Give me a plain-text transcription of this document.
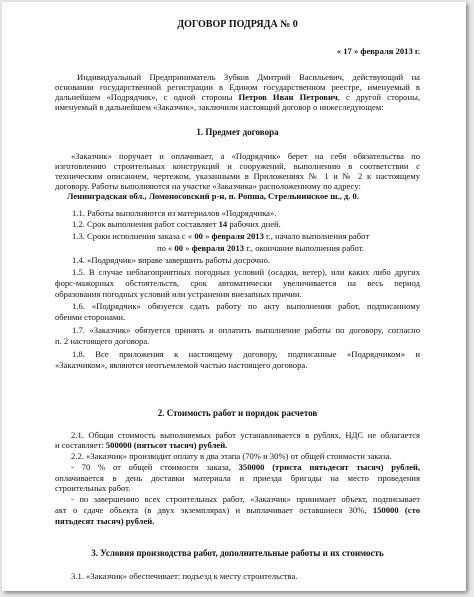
ДОГОВОР ПОДРЯДА № 0
« 17 » февраля 2013 г.
Индивидуальный Предприниматель Зубков Дмитрий Васильевич, действующий на
основании государственной регистрации в Едином государственном реестре, именуемый в
дальнейшем «Подрядчик», с одной стороны Петров Иван Петрович, с другой стороны,
именуемый в дальнейшем «Заказчик», заключили настоящий договор о нижеследующем:
1. Предмет договора
«Заказчик» поручает и оплачивает, а «Подрядчик» берет на себя обязательства по
изготовлению строительных конструкций и сооружений, выполнению в соответствии с
техническим описанием, чертежом, указанными в Приложениях № 1 и № 2 к настоящему
договору. Работы выполняются на участке «Заказчика» расположенному по адресу:
Ленинградская обл., Ломоносовский р-н, п. Ропша, Стрельнинское ш., д. 0.
1.1. Работы выполняются из материалов «Подрядчика».
1.2. Срок выполнения работ составляет 14 рабочих дней.
1.3. Сроки исполнения заказа с « 00 » февраля 2013 г., начало выполнения работ
по « 00 » февраля 2013 г., окончание выполнения работ.
1.4. «Подрядчик» вправе завершить работы досрочно.
1.5. В случае неблагоприятных погодных условий (осадки, ветер), или каких либо других
форс-мажорных обстоятельств, срок автоматически увеличивается на весь период
образования погодных условий или устранения внезапных причин.
1.6. «Подрядчик» обязуется сдать работу по акту выполнения работ, подписанному
обеими сторонами.
1.7. «Заказчик» обязуется принять и оплатить выполнение работы по договору, согласно
п. 2 настоящего договора.
1.8. Все приложения к настоящему договору, подписанные «Подрядчиком» и
«Заказчиком», являются неотъемлемой частью настоящего договора.
2. Стоимость работ и порядок расчетов
2.1. Общая стоимость выполняемых работ устанавливается в рублях, НДС не облагается
и составляет: 500000 (пятьсот тысяч) рублей.
2.2. «Заказчик» производит оплату в два этапа (70% и 30%) от общей стоимости заказа.
- 70 % от общей стоимости заказа, 350000 (триста пятьдесят тысяч) рублей,
оплачивается в день доставки материала и приезда бригады на место проведения
строительных работ.
- по завершению всех строительных работ, «Заказчик» принимает объект, подписывает
акт о сдаче объекта (в двух экземплярах) и выплачивает оставшиеся 30%, 150000 (сто
пятьдесят тысяч) рублей.
3. Условия производства работ, дополнительные работы и их стоимость
3.1. «Заказчик» обеспечивает: подъезд к месту строительства.
